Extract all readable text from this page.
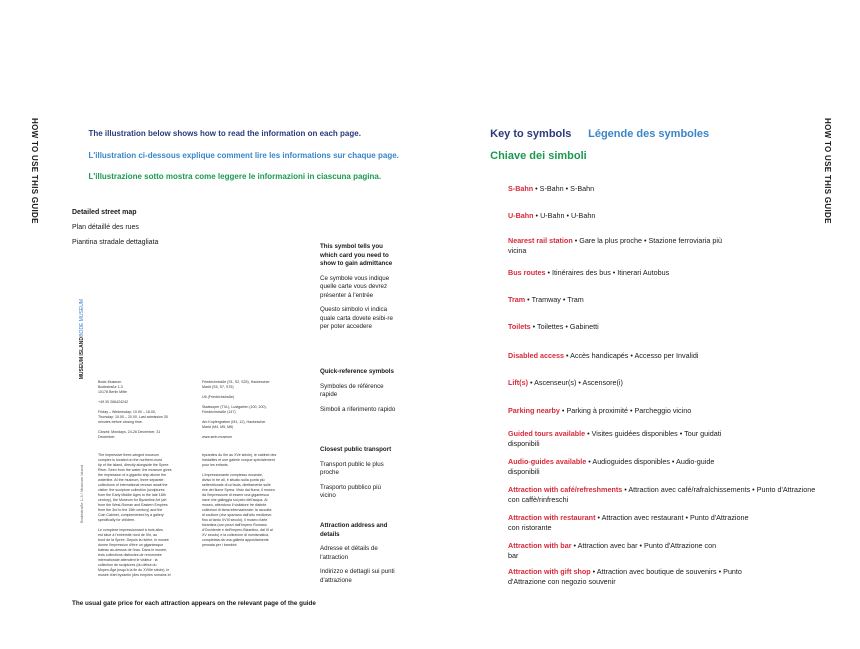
How to use this guide
Comment utiliser ce guide
Come usare questa guida
4	5
HOW TO USE THIS GUIDE	HOW TO USE THIS GUIDE
1 The illustration below shows how to read the information on each page.
2 L'illustration ci-dessous explique comment lire les informations sur chaque page.
3 L'illustrazione sotto mostra come leggere le informazioni in ciascuna pagina.
Detailed street map
Plan détaillé des rues
Piantina stradale dettagliata
Bode-Museum
BODE MUSEUM
MUSEUM ISLAND
Bodestraße 1-3 / Museum Island
Bode-Museum
Bodestraße 1-3
10178 Berlin Mitte

+49 30 266424242

Friday – Wednesday: 10.00 – 18.00,
Thursday: 10.00 – 20.00. Last admission 30
minutes before closing time.

Closed: Mondays, 24-26 December, 31
December.
Friedrichstraße (S1, S2, S25), Hackescher
Markt (S5, S7, S75)

U6 (Friedrichstraße)

Staatsoper (TXL), Lustgarten (100, 200),
Friedrichstraße (147)

Am Kupfergraben (M1, 12), Hackescher
Markt (M4, M5, M6)

www.smb.museum
The impressive three-winged museum
complex is located on the northern-most
tip of the island, directly alongside the Spree
River. Seen from the water, the museum gives
the impression of a gigantic ship above the
waterline. At the museum, three separate
collections of international renown await the
visitor: the sculpture collection (sculptures
from the Early Middle Ages to the late 18th
century), the Museum for Byzantine Art (art
from the West-Roman and Eastern Empires
from the 3rd to the 15th century) and the
Coin Cabinet, complemented by a gallery
specifically for children.

Le complexe impressionnant à trois ailes
est situé à l'extrémité nord de l'île, au
bord de la Sprée. Depuis la rivière, le musée
donne l'impression d'être un gigantesque
bateau au-dessus de l'eau. Dans le musée,
trois collections distinctes de renommée
internationale attendent le visiteur : la
collection de sculptures (du début du
Moyen-Âge jusqu'à la fin du XVIIIe siècle), le
musée d'art byzantin (des empires romains et
byzantins du IIIe au XVe siècle), le cabinet des
médailles et une galerie conçue spécialement
pour les enfants.

L'impressionante complesso museale,
diviso in tre ali, è situato sulla punta più
settentrionale di un'isola, direttamente sulle
rive del fiume Sprea. Visto dal fiume, il museo
dà l'impressione di essere una gigantesca
nave che galleggia sul pelo dell'acqua. Al
museo, attendono il visitatore tre distinte
collezioni di fama internazionale: la raccolta
di sculture (che spaziano dall'alto medioevo
fino al tardo XVIII secolo), il museo d'arte
bizantina (con pezzi dall'Impero Romano
d'Occidente e dell'Impero Bizantino, dal III al
XV secolo) e la collezione di numismatica,
completata da una galleria appositamente
pensata per i bambini.

This symbol tells you which card you need to show to gain admittance

Ce symbole vous indique quelle carte vous devrez présenter à l'entrée

Questo simbolo vi indica quale carta dovete esibi-re per poter accedere

Quick-reference symbols

Symboles de référence rapide

Simboli a riferimento rapido

Closest public transport

Transport public le plus proche

Trasporto pubblico più vicino

Attraction address and details

Adresse et détails de l'attraction

Indirizzo e dettagli sui punti d'attrazione

The usual gate price for each attraction appears on the relevant page of the guide
4 Key to symbols 5 Légende des symboles
6 Chiave dei simboli
S-Bahn • S-Bahn • S-Bahn
U-Bahn • U-Bahn • U-Bahn
Nearest rail station • Gare la plus proche • Stazione ferroviaria più vicina
Bus routes • Itinéraires des bus • Itinerari Autobus
Tram • Tramway • Tram
Toilets • Toilettes • Gabinetti
Disabled access • Accès handicapés • Accesso per Invalidi
Lift(s) • Ascenseur(s) • Ascensore(i)
Parking nearby • Parking à proximité • Parcheggio vicino
Guided tours available • Visites guidées disponibles • Tour guidati disponibili
Audio-guides available • Audioguides disponibles • Audio-guide disponibili
Attraction with café/refreshments • Attraction avec café/rafraîchissements • Punto d'Attrazione con caffè/rinfreschi
Attraction with restaurant • Attraction avec restaurant • Punto d'Attrazione con ristorante
Attraction with bar • Attraction avec bar • Punto d'Attrazione con bar
Attraction with gift shop • Attraction avec boutique de souvenirs • Punto d'Attrazione con negozio souvenir
